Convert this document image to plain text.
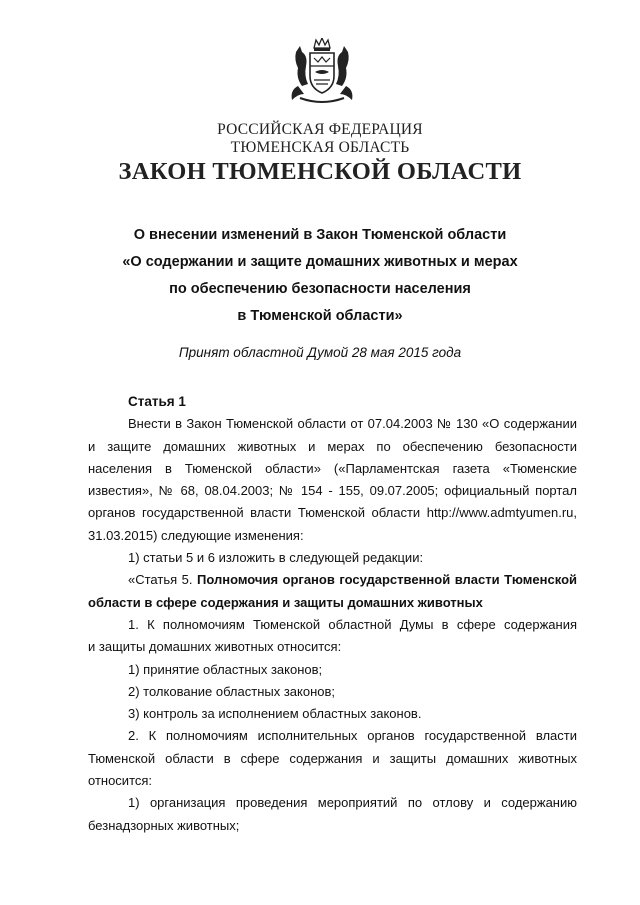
РОССИЙСКАЯ ФЕДЕРАЦИЯ
ТЮМЕНСКАЯ ОБЛАСТЬ
ЗАКОН ТЮМЕНСКОЙ ОБЛАСТИ
О внесении изменений в Закон Тюменской области
«О содержании и защите домашних животных и мерах
по обеспечению безопасности населения
в Тюменской области»
Принят областной Думой 28 мая 2015 года

Статья 1

Внести в Закон Тюменской области от 07.04.2003 № 130 «О содержании

и защите домашних животных и мерах по обеспечению безопасности

населения в Тюменской области» («Парламентская газета «Тюменские

известия», № 68, 08.04.2003; № 154 - 155, 09.07.2005; официальный портал

органов государственной власти Тюменской области http://www.admtyumen.ru,

31.03.2015) следующие изменения:

1) статьи 5 и 6 изложить в следующей редакции:

«Статья 5. Полномочия органов государственной власти Тюменской

области в сфере содержания и защиты домашних животных

1. К полномочиям Тюменской областной Думы в сфере содержания

и защиты домашних животных относится:

1) принятие областных законов;

2) толкование областных законов;

3) контроль за исполнением областных законов.

2. К полномочиям исполнительных органов государственной власти

Тюменской области в сфере содержания и защиты домашних животных

относится:

1) организация проведения мероприятий по отлову и содержанию

безнадзорных животных;
